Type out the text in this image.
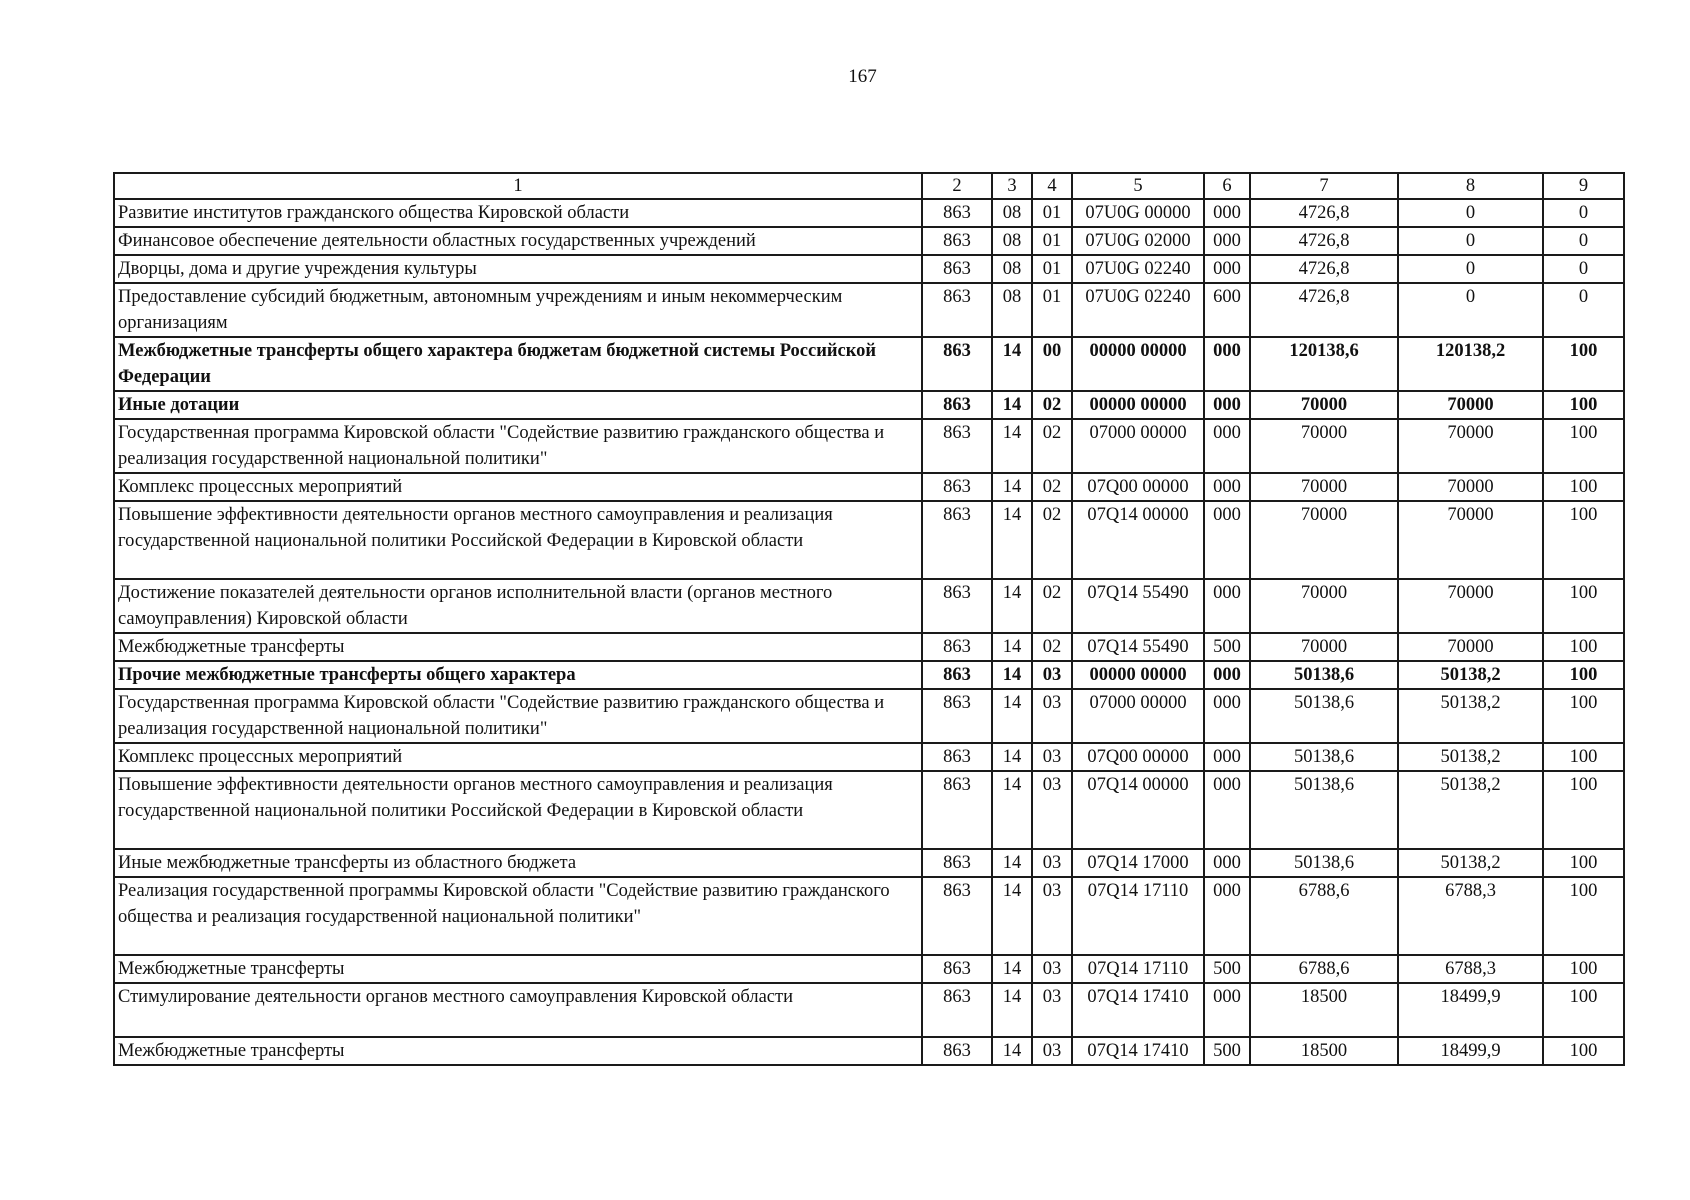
167
1	2	3	4	5	6	7	8	9
Развитие институтов гражданского общества Кировской области	863	08	01	07U0G 00000	000	4726,8	0	0
Финансовое обеспечение деятельности областных государственных учреждений	863	08	01	07U0G 02000	000	4726,8	0	0
Дворцы, дома и другие учреждения культуры	863	08	01	07U0G 02240	000	4726,8	0	0
Предоставление субсидий бюджетным, автономным учреждениям и иным некоммерческим организациям	863	08	01	07U0G 02240	600	4726,8	0	0
Межбюджетные трансферты общего характера бюджетам бюджетной системы Российской Федерации	863	14	00	00000 00000	000	120138,6	120138,2	100
Иные дотации	863	14	02	00000 00000	000	70000	70000	100
Государственная программа Кировской области "Содействие развитию гражданского общества и реализация государственной национальной политики"	863	14	02	07000 00000	000	70000	70000	100
Комплекс процессных мероприятий	863	14	02	07Q00 00000	000	70000	70000	100
Повышение эффективности деятельности органов местного самоуправления и реализация государственной национальной политики Российской Федерации в Кировской области	863	14	02	07Q14 00000	000	70000	70000	100
Достижение показателей деятельности органов исполнительной власти (органов местного самоуправления) Кировской области	863	14	02	07Q14 55490	000	70000	70000	100
Межбюджетные трансферты	863	14	02	07Q14 55490	500	70000	70000	100
Прочие межбюджетные трансферты общего характера	863	14	03	00000 00000	000	50138,6	50138,2	100
Государственная программа Кировской области "Содействие развитию гражданского общества и реализация государственной национальной политики"	863	14	03	07000 00000	000	50138,6	50138,2	100
Комплекс процессных мероприятий	863	14	03	07Q00 00000	000	50138,6	50138,2	100
Повышение эффективности деятельности органов местного самоуправления и реализация государственной национальной политики Российской Федерации в Кировской области	863	14	03	07Q14 00000	000	50138,6	50138,2	100
Иные межбюджетные трансферты из областного бюджета	863	14	03	07Q14 17000	000	50138,6	50138,2	100
Реализация государственной программы Кировской области "Содействие развитию гражданского общества и реализация государственной национальной политики"	863	14	03	07Q14 17110	000	6788,6	6788,3	100
Межбюджетные трансферты	863	14	03	07Q14 17110	500	6788,6	6788,3	100
Стимулирование деятельности органов местного самоуправления Кировской области	863	14	03	07Q14 17410	000	18500	18499,9	100
Межбюджетные трансферты	863	14	03	07Q14 17410	500	18500	18499,9	100
